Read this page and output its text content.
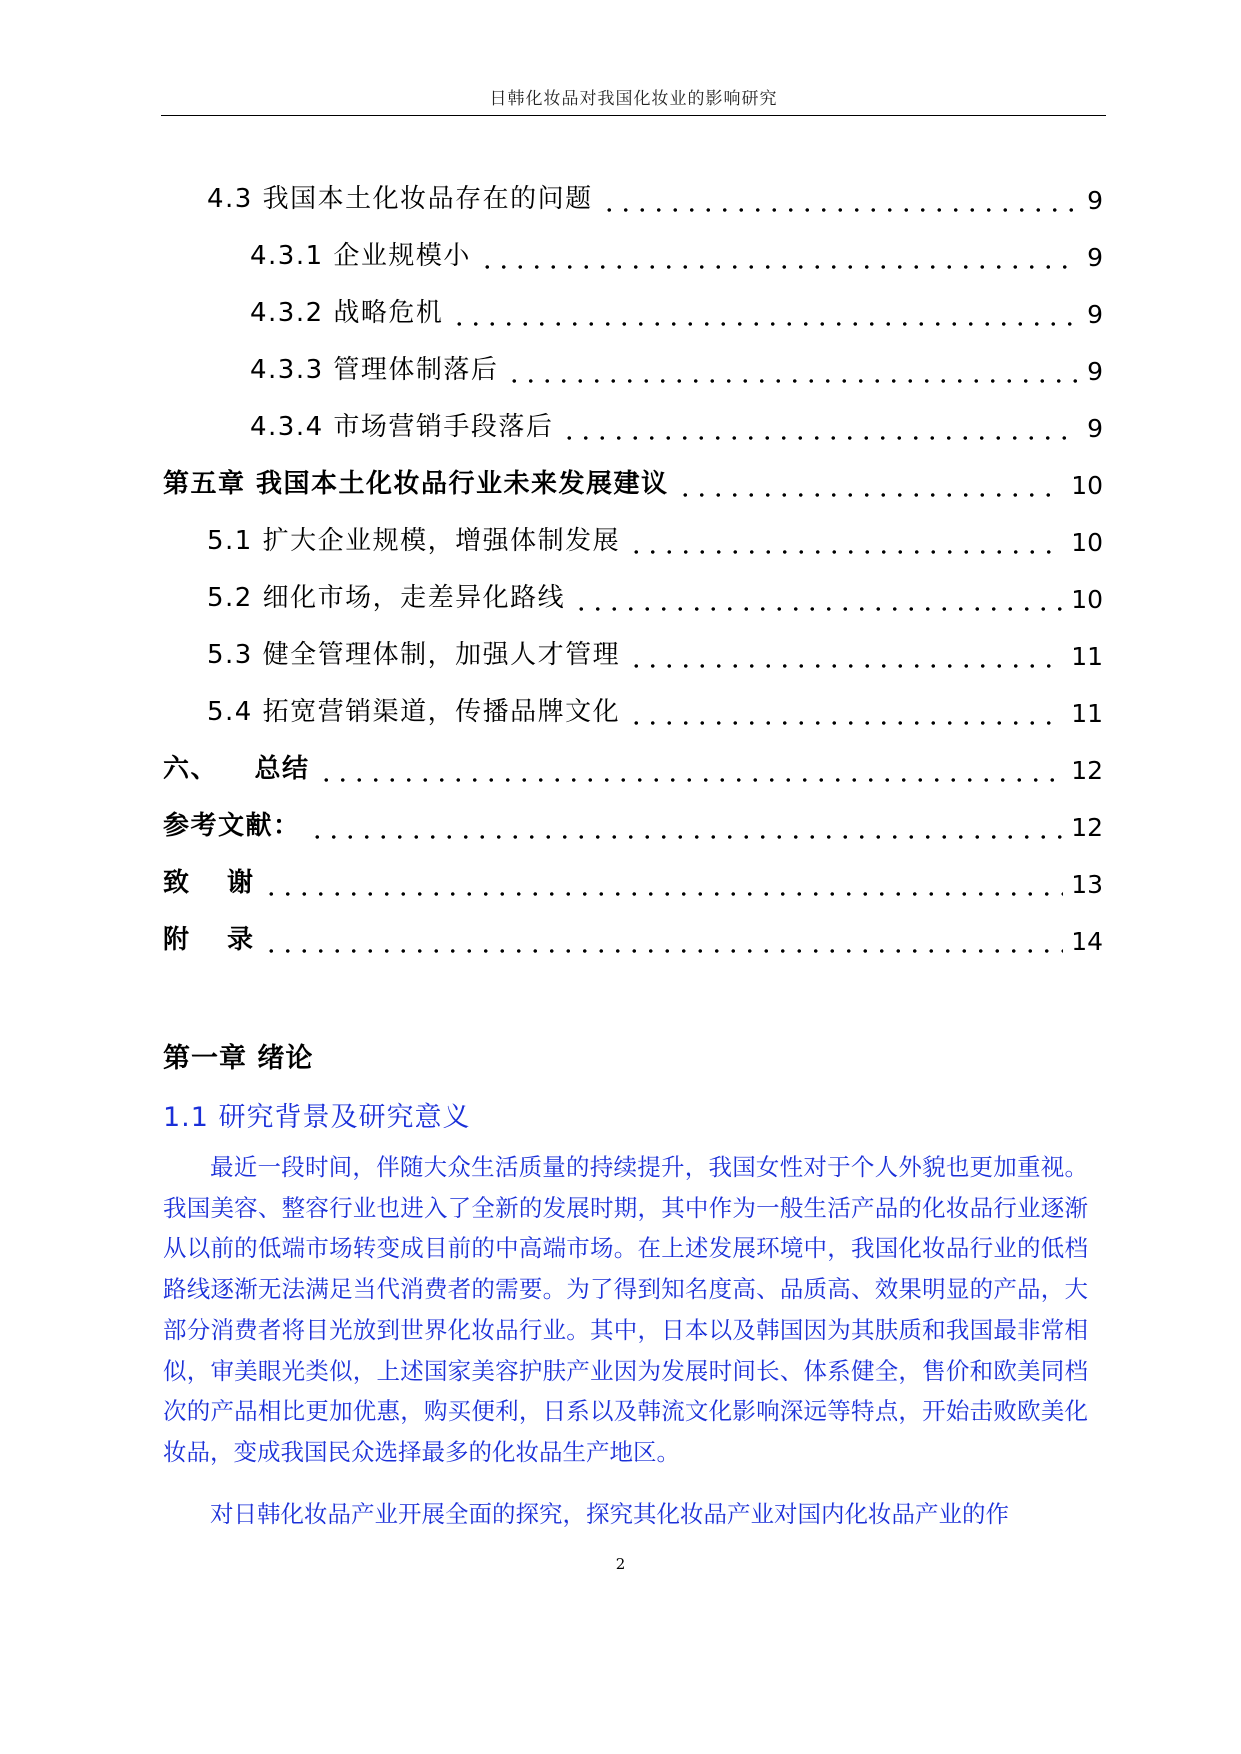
日韩化妆品对我国化妆业的影响研究
4.3 我国本土化妆品存在的问题	9
4.3.1 企业规模小	9
4.3.2 战略危机	9
4.3.3 管理体制落后	9
4.3.4 市场营销手段落后	9
第五章 我国本土化妆品行业未来发展建议	10
5.1 扩大企业规模，增强体制发展	10
5.2 细化市场，走差异化路线	10
5.3 健全管理体制，加强人才管理	11
5.4 拓宽营销渠道，传播品牌文化	11
六、 总结	12
参考文献：	12
致 谢	13
附 录	14
第一章 绪论
1.1 研究背景及研究意义
最近一段时间，伴随大众生活质量的持续提升，我国女性对于个人外貌也更加重视。我国美容、整容行业也进入了全新的发展时期，其中作为一般生活产品的化妆品行业逐渐从以前的低端市场转变成目前的中高端市场。在上述发展环境中，我国化妆品行业的低档路线逐渐无法满足当代消费者的需要。为了得到知名度高、品质高、效果明显的产品，大部分消费者将目光放到世界化妆品行业。其中，日本以及韩国因为其肤质和我国最非常相似，审美眼光类似，上述国家美容护肤产业因为发展时间长、体系健全，售价和欧美同档次的产品相比更加优惠，购买便利，日系以及韩流文化影响深远等特点，开始击败欧美化妆品，变成我国民众选择最多的化妆品生产地区。
对日韩化妆品产业开展全面的探究，探究其化妆品产业对国内化妆品产业的作
2
